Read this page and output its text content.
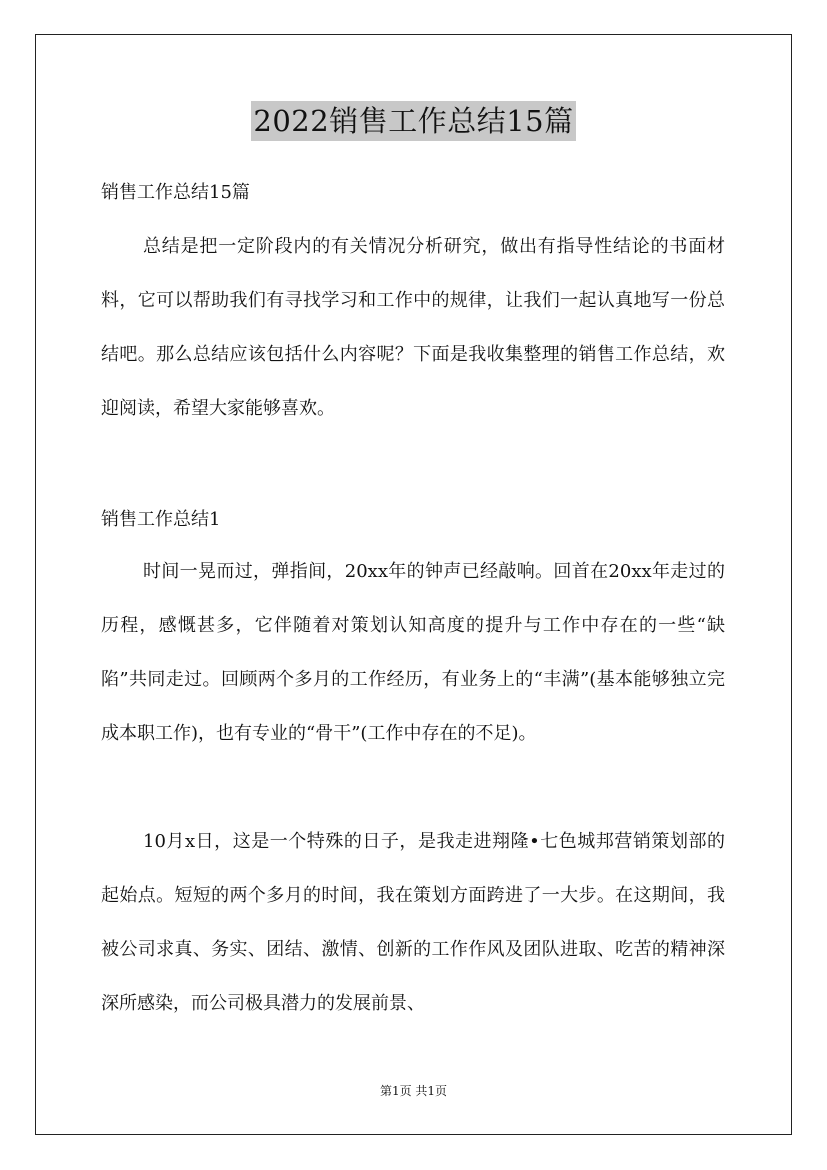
2022销售工作总结15篇
销售工作总结15篇

总结是把一定阶段内的有关情况分析研究，做出有指导性结论的书面材料，它可以帮助我们有寻找学习和工作中的规律，让我们一起认真地写一份总结吧。那么总结应该包括什么内容呢？下面是我收集整理的销售工作总结，欢迎阅读，希望大家能够喜欢。

销售工作总结1

时间一晃而过，弹指间，20xx年的钟声已经敲响。回首在20xx年走过的历程，感慨甚多，它伴随着对策划认知高度的提升与工作中存在的一些“缺陷”共同走过。回顾两个多月的工作经历，有业务上的“丰满”(基本能够独立完成本职工作)，也有专业的“骨干”(工作中存在的不足)。

10月x日，这是一个特殊的日子，是我走进翔隆•七色城邦营销策划部的起始点。短短的两个多月的时间，我在策划方面跨进了一大步。在这期间，我被公司求真、务实、团结、激情、创新的工作作风及团队进取、吃苦的精神深深所感染，而公司极具潜力的发展前景、

第1页 共1页
